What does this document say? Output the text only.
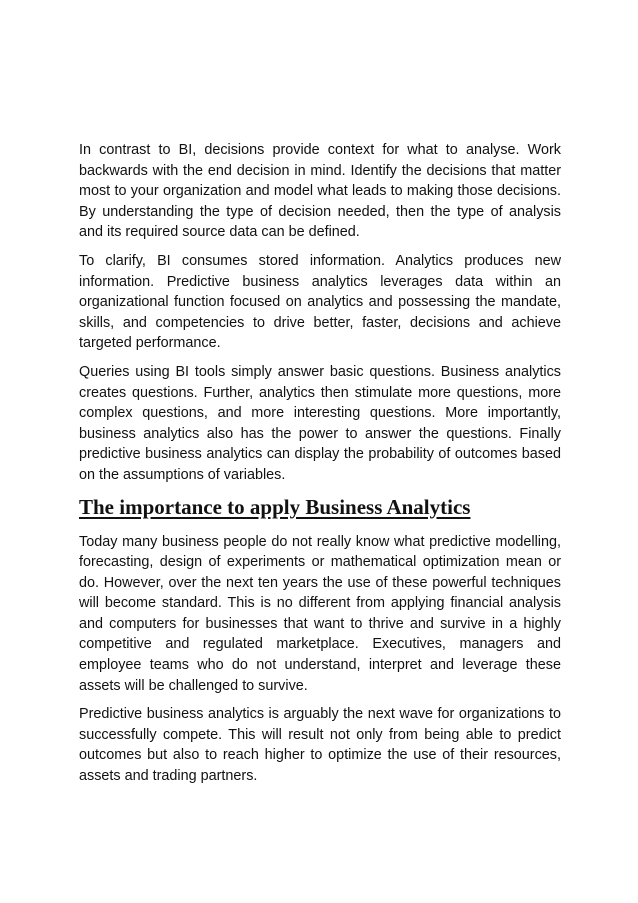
In contrast to BI, decisions provide context for what to analyse. Work backwards with the end decision in mind. Identify the decisions that matter most to your organization and model what leads to making those decisions. By understanding the type of decision needed, then the type of analysis and its required source data can be defined.

To clarify, BI consumes stored information. Analytics produces new information. Predictive business analytics leverages data within an organizational function focused on analytics and possessing the mandate, skills, and competencies to drive better, faster, decisions and achieve targeted performance.

Queries using BI tools simply answer basic questions. Business analytics creates questions. Further, analytics then stimulate more questions, more complex questions, and more interesting questions. More importantly, business analytics also has the power to answer the questions. Finally predictive business analytics can display the probability of outcomes based on the assumptions of variables.

The importance to apply Business Analytics

Today many business people do not really know what predictive modelling, forecasting, design of experiments or mathematical optimization mean or do. However, over the next ten years the use of these powerful techniques will become standard. This is no different from applying financial analysis and computers for businesses that want to thrive and survive in a highly competitive and regulated marketplace. Executives, managers and employee teams who do not understand, interpret and leverage these assets will be challenged to survive.

Predictive business analytics is arguably the next wave for organizations to successfully compete. This will result not only from being able to predict outcomes but also to reach higher to optimize the use of their resources, assets and trading partners.
